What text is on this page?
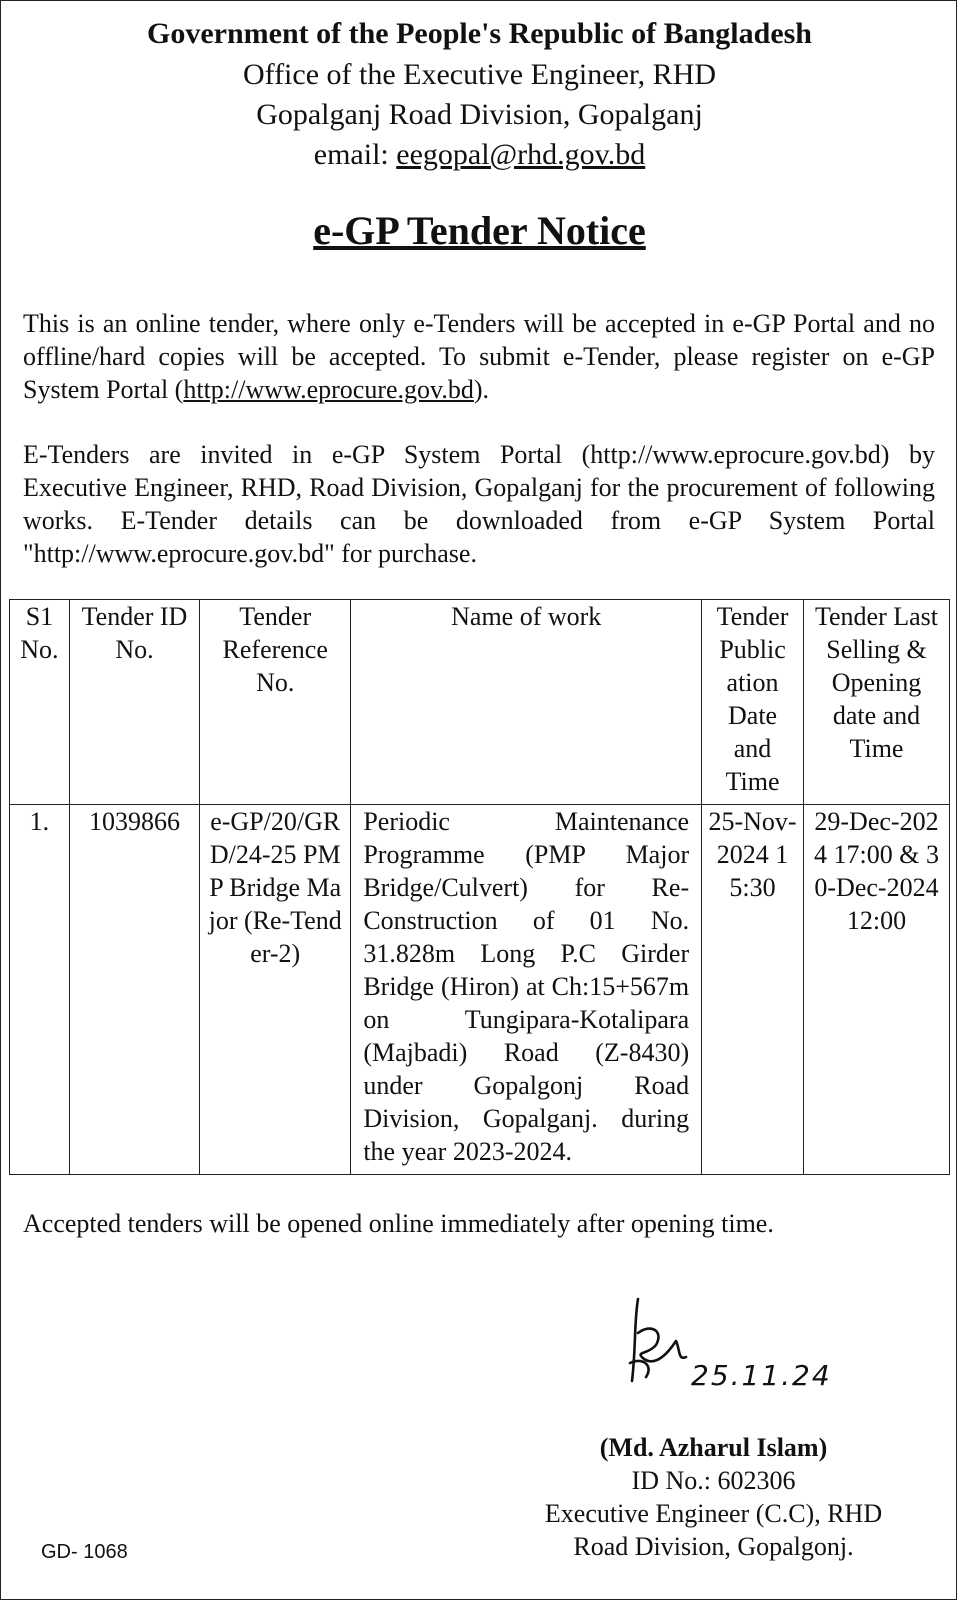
Government of the People's Republic of Bangladesh
Office of the Executive Engineer, RHD
Gopalganj Road Division, Gopalganj
email: eegopal@rhd.gov.bd
e-GP Tender Notice
This is an online tender, where only e-Tenders will be accepted in e-GP Portal and no offline/hard copies will be accepted. To submit e-Tender, please register on e-GP System Portal (http://www.eprocure.gov.bd).
E-Tenders are invited in e-GP System Portal (http://www.eprocure.gov.bd) by Executive Engineer, RHD, Road Division, Gopalganj for the procurement of following works. E-Tender details can be downloaded from e-GP System Portal "http://www.eprocure.gov.bd" for purchase.
S1 No.	Tender ID No.	Tender Reference No.	Name of work	Tender Public ation Date and Time	Tender Last Selling & Opening date and Time
1.	1039866	e-GP/20/GRD/24-25 PMP Bridge Major (Re-Tender-2)	Periodic Maintenance Programme (PMP Major Bridge/Culvert) for Re-Construction of 01 No. 31.828m Long P.C Girder Bridge (Hiron) at Ch:15+567m on Tungipara-Kotalipara (Majbadi) Road (Z-8430) under Gopalgonj Road Division, Gopalganj. during the year 2023-2024.	25-Nov-2024 15:30	29-Dec-2024 17:00 & 30-Dec-2024 12:00
Accepted tenders will be opened online immediately after opening time.
25.11.24
(Md. Azharul Islam)
ID No.: 602306
Executive Engineer (C.C), RHD
Road Division, Gopalgonj.
GD- 1068
